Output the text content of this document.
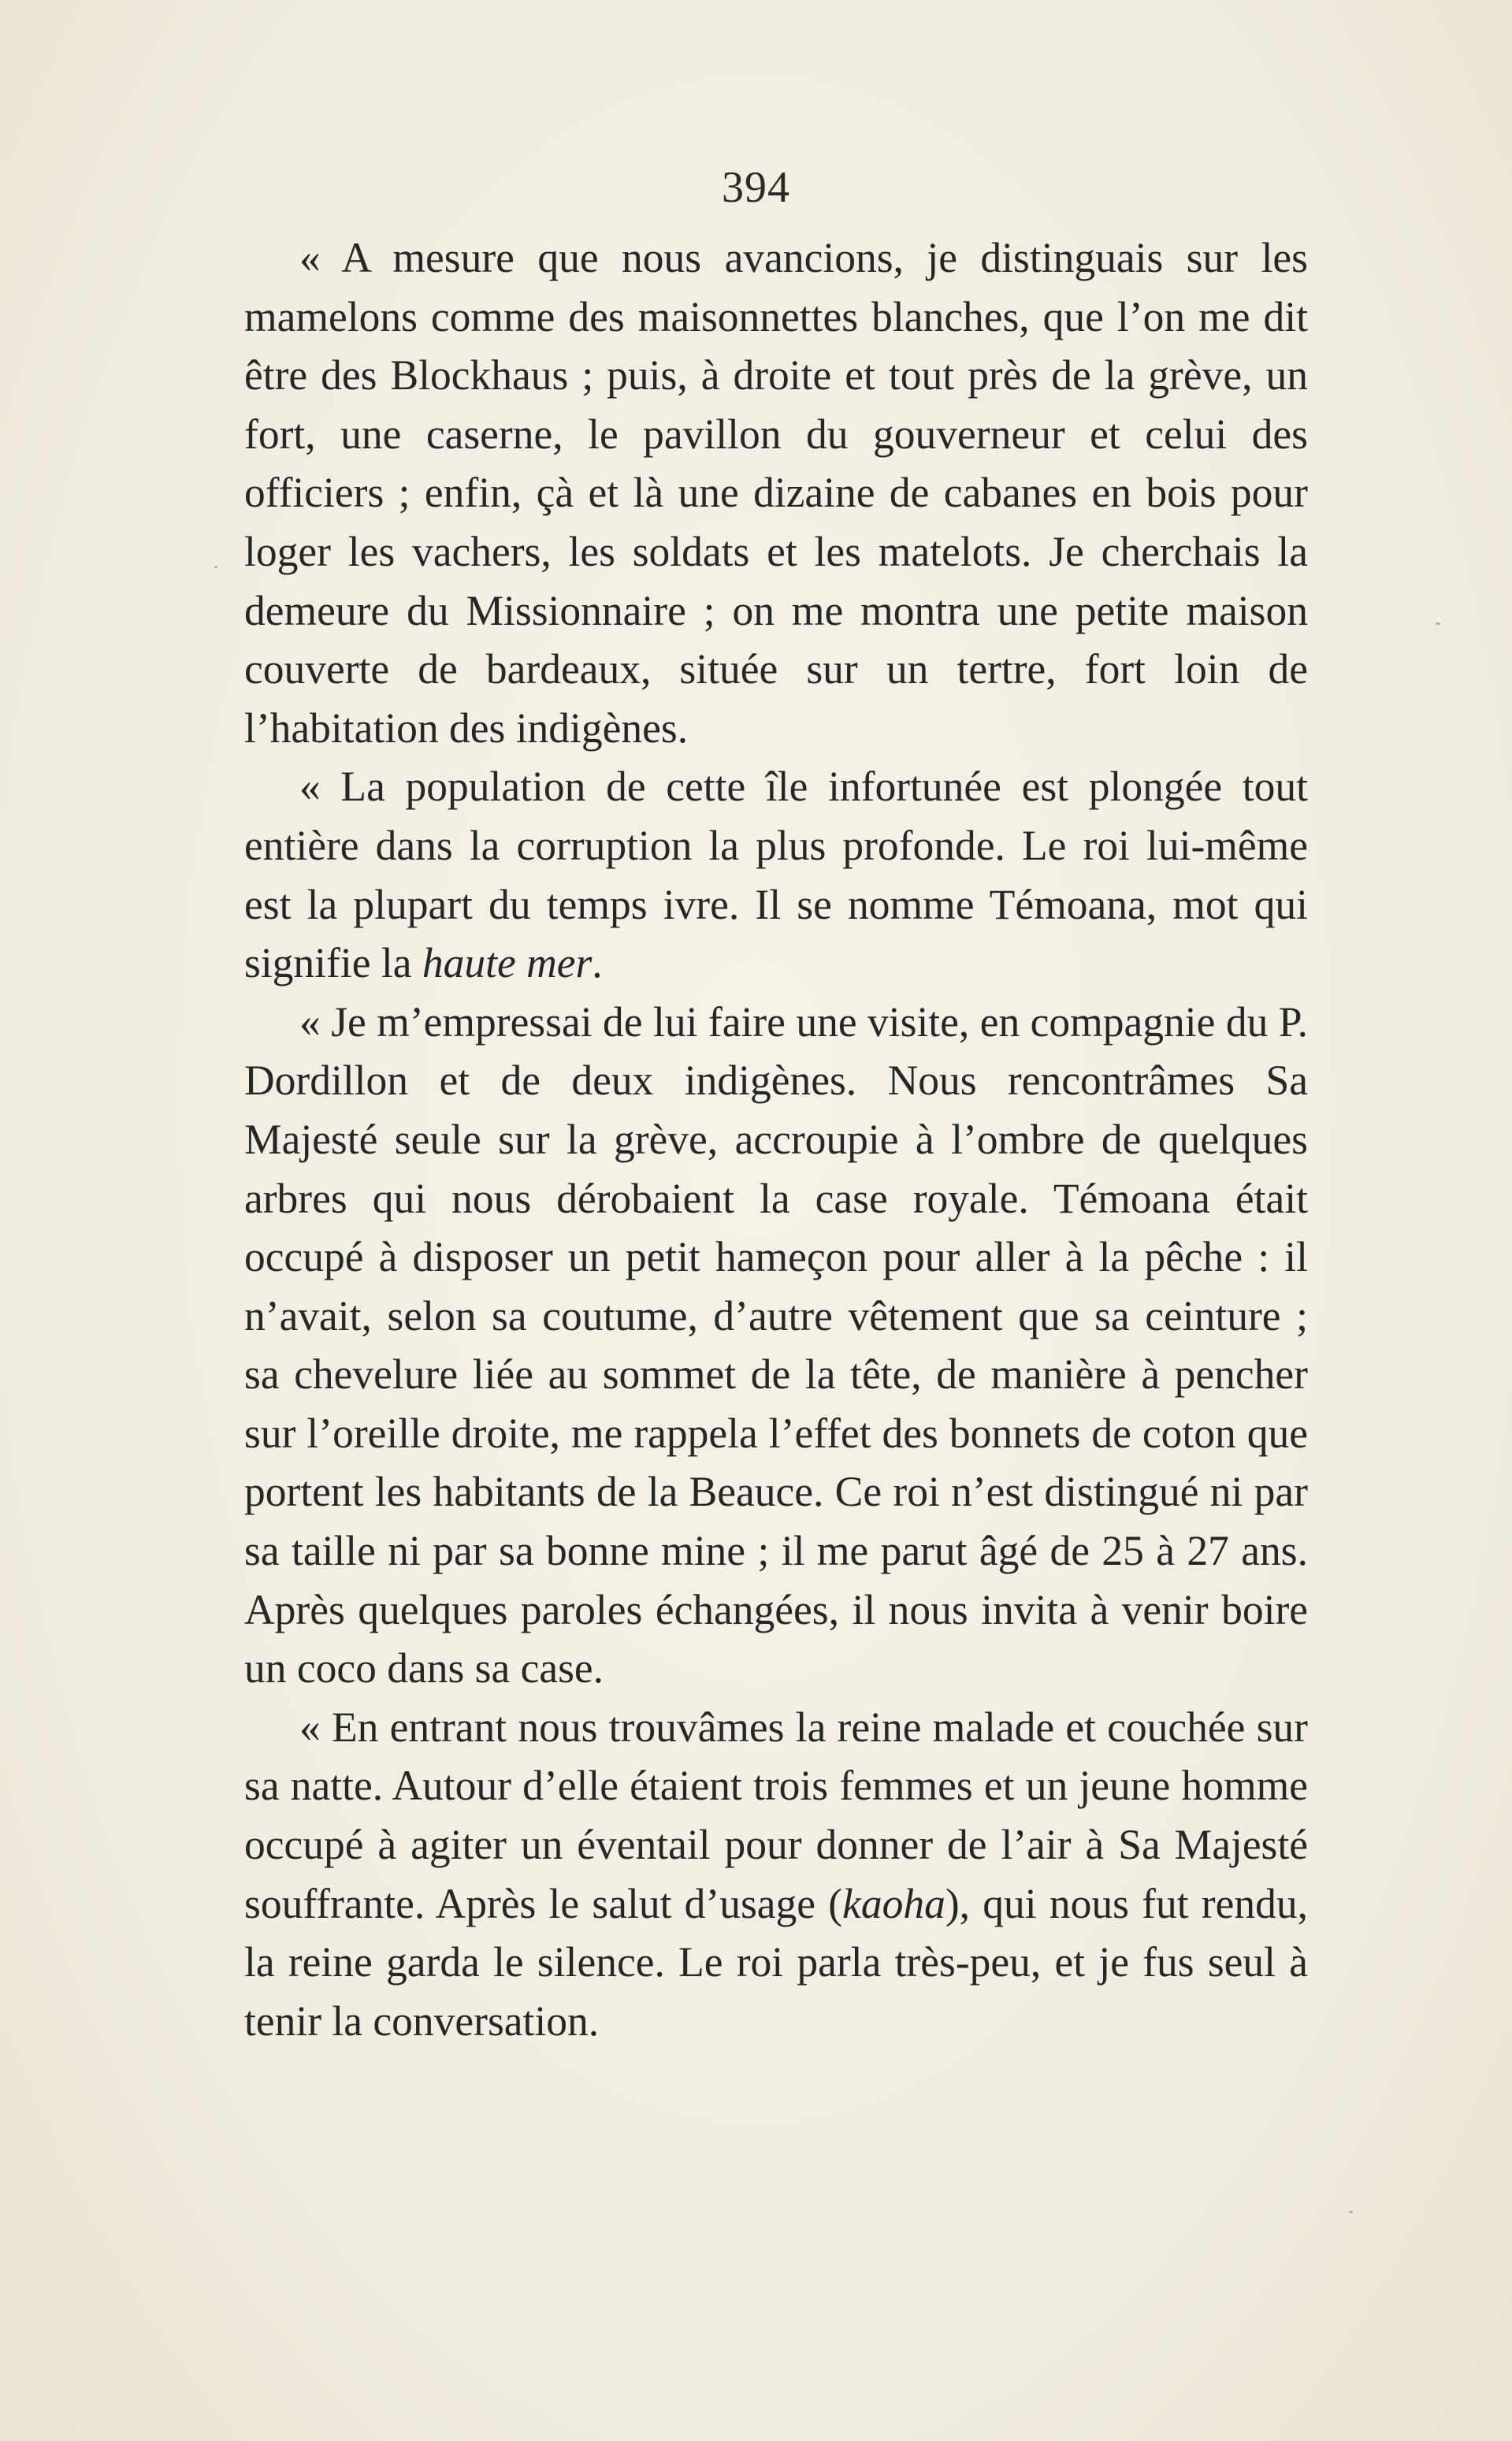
394

« A mesure que nous avancions, je distinguais sur les mamelons comme des maisonnettes blanches, que l’on me dit être des Blockhaus ; puis, à droite et tout près de la grève, un fort, une caserne, le pavillon du gouverneur et celui des officiers ; enfin, çà et là une dizaine de cabanes en bois pour loger les vachers, les soldats et les matelots. Je cherchais la demeure du Missionnaire ; on me montra une petite maison couverte de bardeaux, située sur un tertre, fort loin de l’habitation des indigènes.

« La population de cette île infortunée est plongée tout entière dans la corruption la plus profonde. Le roi lui-même est la plupart du temps ivre. Il se nomme Témoana, mot qui signifie la haute mer.

« Je m’empressai de lui faire une visite, en compagnie du P. Dordillon et de deux indigènes. Nous rencontrâmes Sa Majesté seule sur la grève, accroupie à l’ombre de quelques arbres qui nous dérobaient la case royale. Témoana était occupé à disposer un petit hameçon pour aller à la pêche : il n’avait, selon sa coutume, d’autre vêtement que sa ceinture ; sa chevelure liée au sommet de la tête, de manière à pencher sur l’oreille droite, me rappela l’effet des bonnets de coton que portent les habitants de la Beauce. Ce roi n’est distingué ni par sa taille ni par sa bonne mine ; il me parut âgé de 25 à 27 ans. Après quelques paroles échangées, il nous invita à venir boire un coco dans sa case.

« En entrant nous trouvâmes la reine malade et couchée sur sa natte. Autour d’elle étaient trois femmes et un jeune homme occupé à agiter un éventail pour donner de l’air à Sa Majesté souffrante. Après le salut d’usage (kaoha), qui nous fut rendu, la reine garda le silence. Le roi parla très-peu, et je fus seul à tenir la conversation.
